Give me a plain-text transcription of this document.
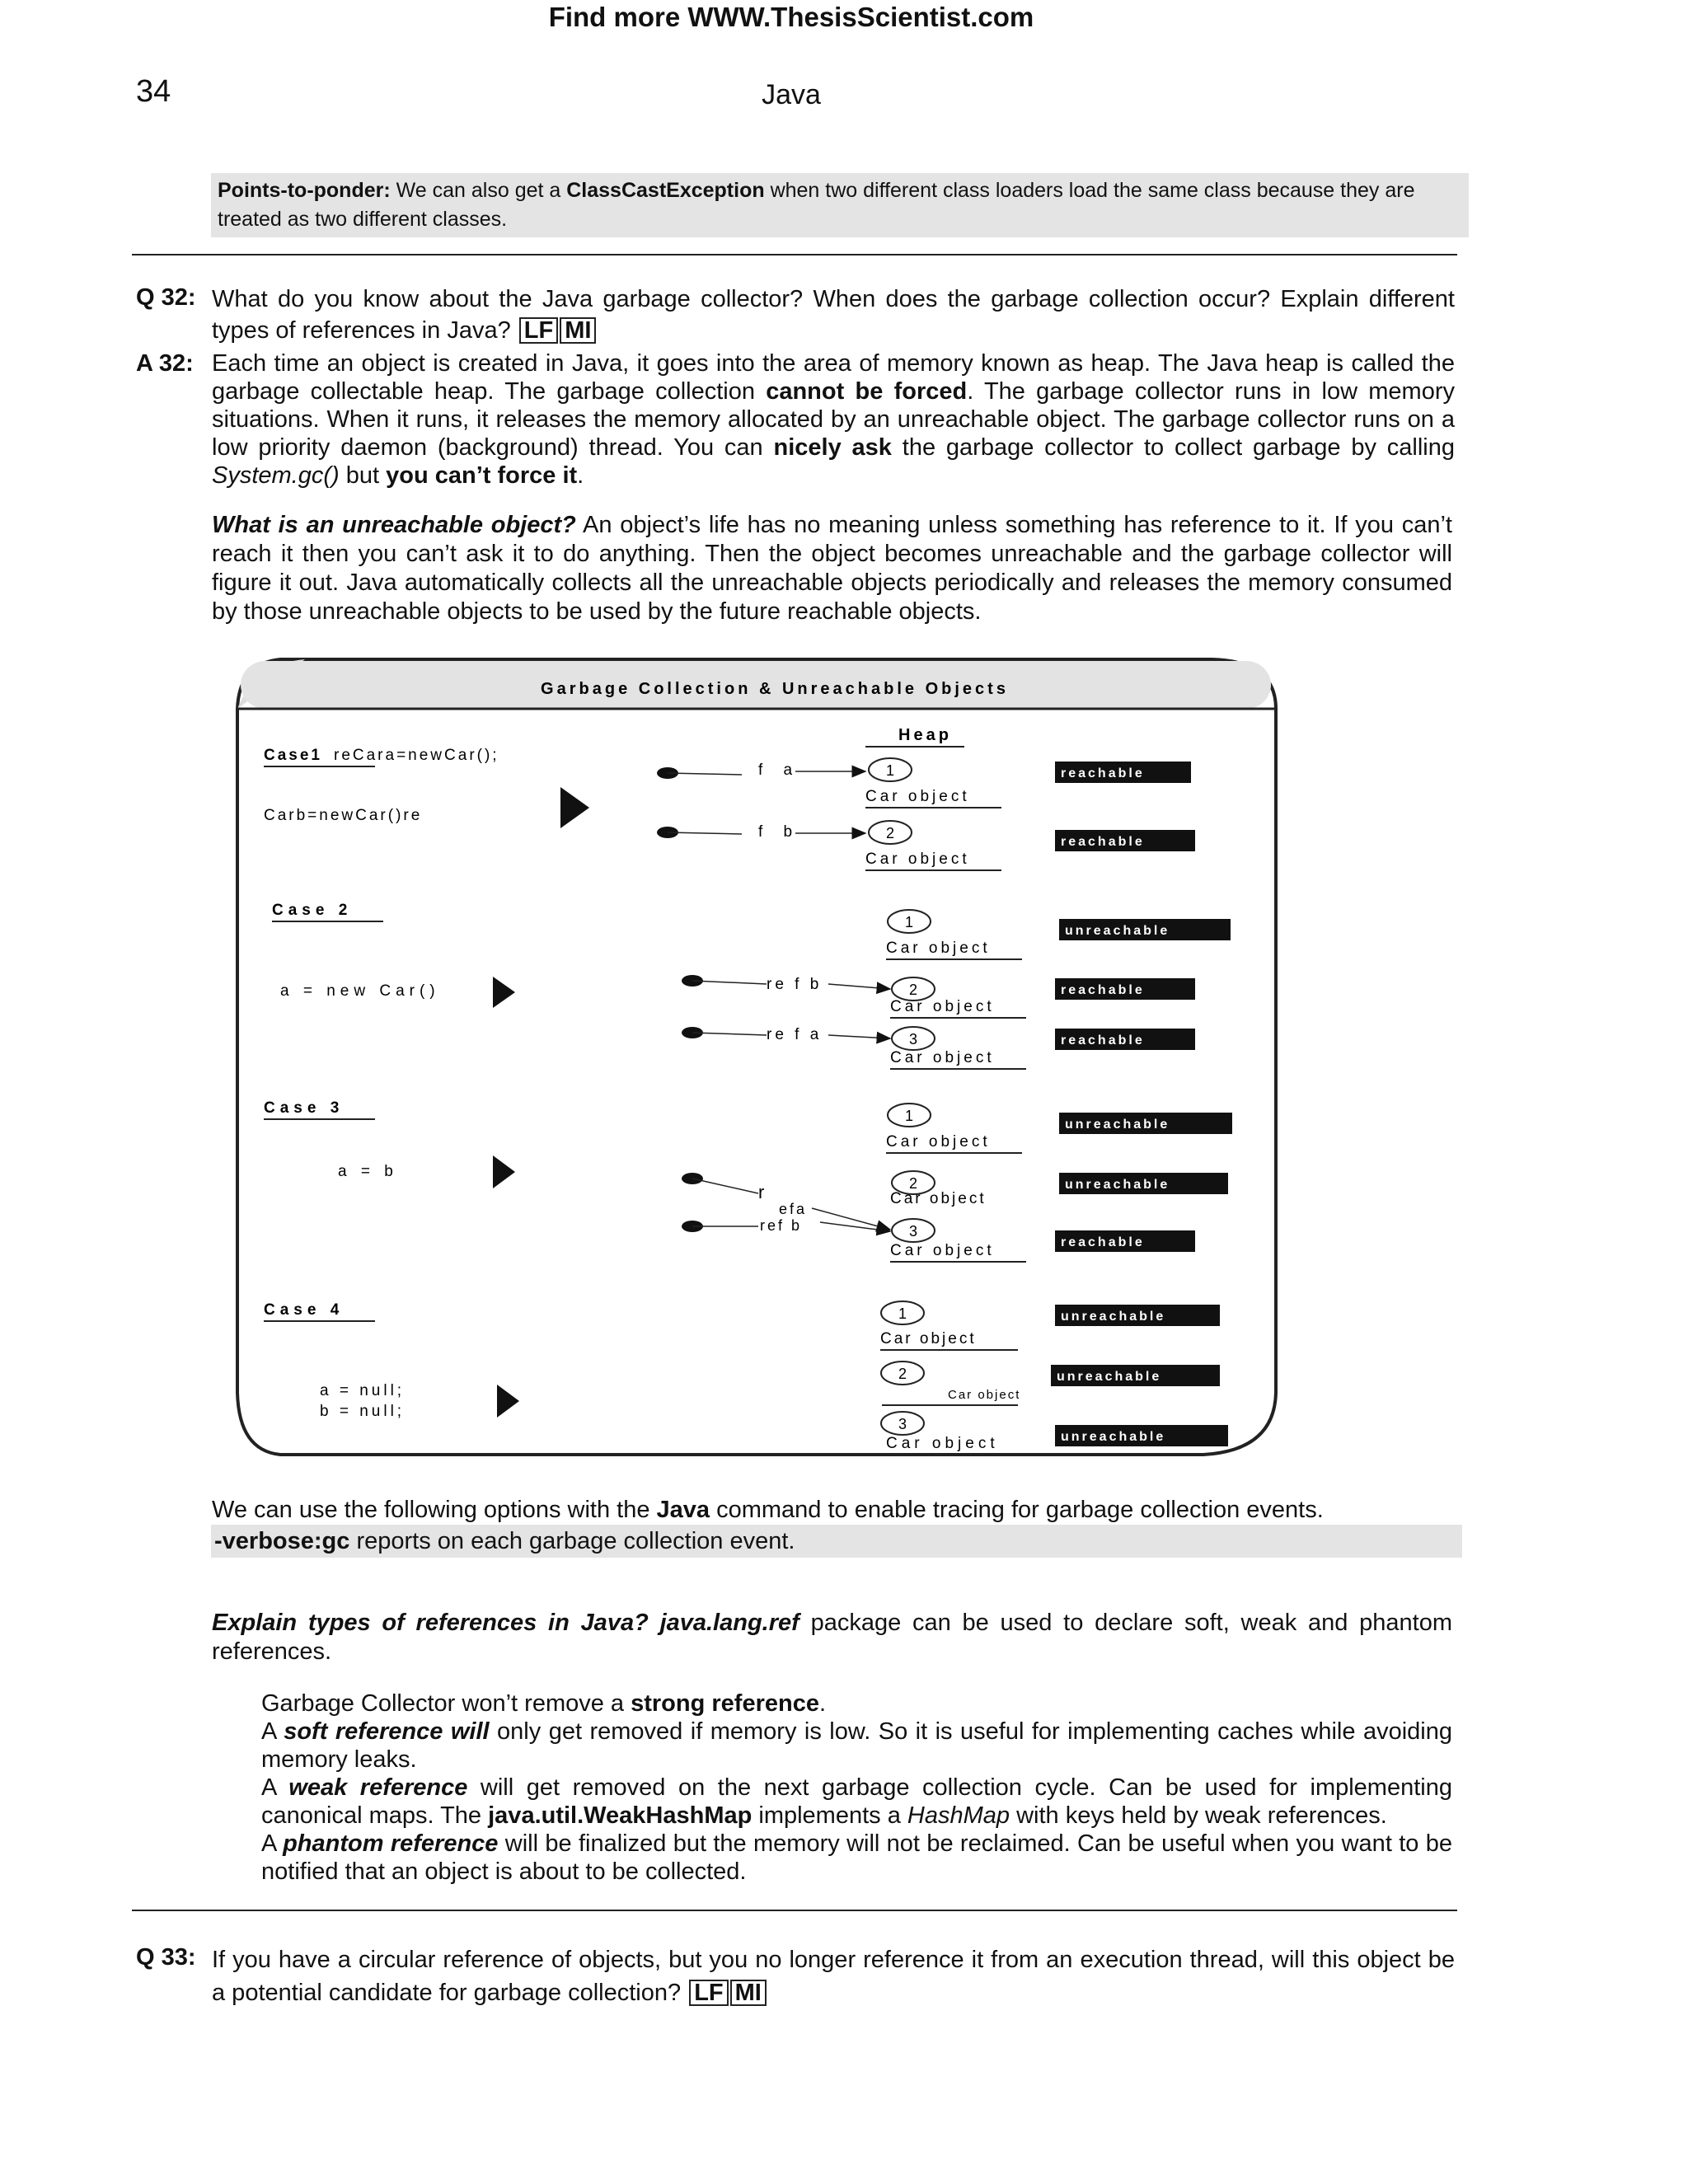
Find more WWW.ThesisScientist.com
34	Java
Points-to-ponder: We can also get a ClassCastException when two different class loaders load the same class because they are treated as two different classes.
Q 32: What do you know about the Java garbage collector? When does the garbage collection occur? Explain different types of references in Java? LF MI
A 32: Each time an object is created in Java, it goes into the area of memory known as heap. The Java heap is called the garbage collectable heap. The garbage collection cannot be forced. The garbage collector runs in low memory situations. When it runs, it releases the memory allocated by an unreachable object. The garbage collector runs on a low priority daemon (background) thread. You can nicely ask the garbage collector to collect garbage by calling System.gc() but you can’t force it.
What is an unreachable object? An object’s life has no meaning unless something has reference to it. If you can’t reach it then you can’t ask it to do anything. Then the object becomes unreachable and the garbage collector will figure it out. Java automatically collects all the unreachable objects periodically and releases the memory consumed by those unreachable objects to be used by the future reachable objects.
Garbage Collection & Unreachable Objects
Heap
Case1 reCara=newCar();
Carb=newCar()re
f a	1
Car object
reachable
f b	2
Car object
reachable
Case 2
a = new Car()
1
Car object
unreachable
re f b	2
Car object
reachable
re f a	3
Car object
reachable
Case 3
a = b
1
Car object
unreachable
r
efa
2
Car object
unreachable
ref b	3
Car object	reachable
Case 4
a = null;
b = null;
1
Car object
unreachable
2
Car object
unreachable
3
Car object	unreachable
We can use the following options with the Java command to enable tracing for garbage collection events.
-verbose:gc reports on each garbage collection event.
Explain types of references in Java? java.lang.ref package can be used to declare soft, weak and phantom references.
Garbage Collector won’t remove a strong reference.
A soft reference will only get removed if memory is low. So it is useful for implementing caches while avoiding memory leaks.
A weak reference will get removed on the next garbage collection cycle. Can be used for implementing canonical maps. The java.util.WeakHashMap implements a HashMap with keys held by weak references.
A phantom reference will be finalized but the memory will not be reclaimed. Can be useful when you want to be notified that an object is about to be collected.
Q 33: If you have a circular reference of objects, but you no longer reference it from an execution thread, will this object be a potential candidate for garbage collection? LF MI
